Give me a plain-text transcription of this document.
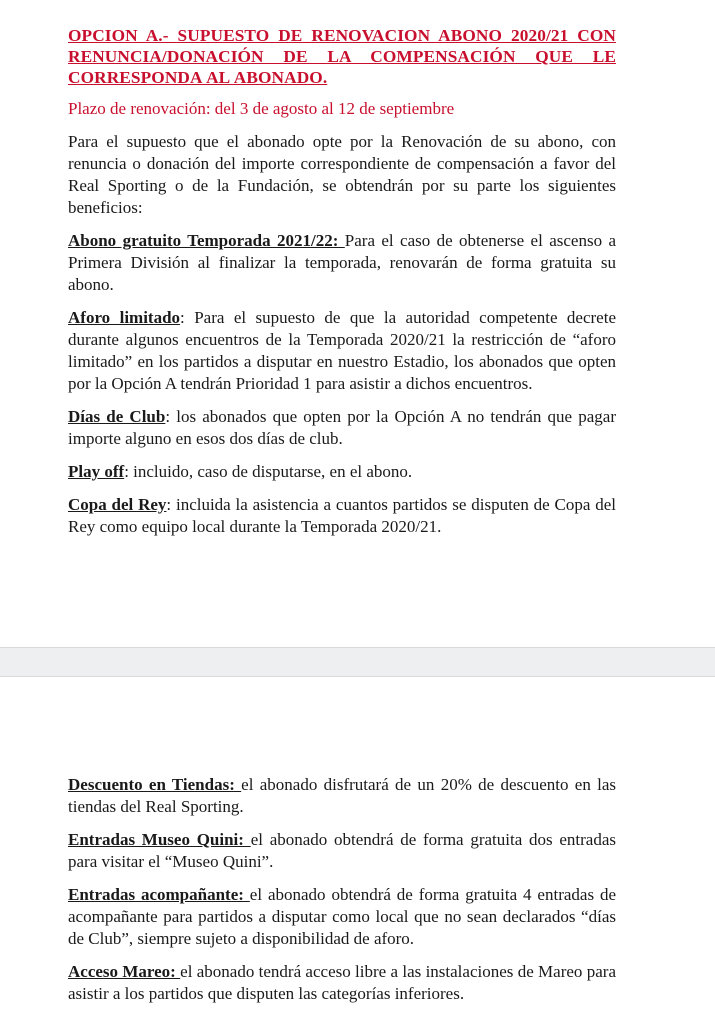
OPCION A.- SUPUESTO DE RENOVACION ABONO 2020/21 CON RENUNCIA/DONACIÓN DE LA COMPENSACIÓN QUE LE CORRESPONDA AL ABONADO.

Plazo de renovación: del 3 de agosto al 12 de septiembre

Para el supuesto que el abonado opte por la Renovación de su abono, con renuncia o donación del importe correspondiente de compensación a favor del Real Sporting o de la Fundación, se obtendrán por su parte los siguientes beneficios:

Abono gratuito Temporada 2021/22: Para el caso de obtenerse el ascenso a Primera División al finalizar la temporada, renovarán de forma gratuita su abono.

Aforo limitado: Para el supuesto de que la autoridad competente decrete durante algunos encuentros de la Temporada 2020/21 la restricción de “aforo limitado” en los partidos a disputar en nuestro Estadio, los abonados que opten por la Opción A tendrán Prioridad 1 para asistir a dichos encuentros.

Días de Club: los abonados que opten por la Opción A no tendrán que pagar importe alguno en esos dos días de club.

Play off: incluido, caso de disputarse, en el abono.

Copa del Rey: incluida la asistencia a cuantos partidos se disputen de Copa del Rey como equipo local durante la Temporada 2020/21.

Descuento en Tiendas: el abonado disfrutará de un 20% de descuento en las tiendas del Real Sporting.

Entradas Museo Quini: el abonado obtendrá de forma gratuita dos entradas para visitar el “Museo Quini”.

Entradas acompañante: el abonado obtendrá de forma gratuita 4 entradas de acompañante para partidos a disputar como local que no sean declarados “días de Club”, siempre sujeto a disponibilidad de aforo.

Acceso Mareo: el abonado tendrá acceso libre a las instalaciones de Mareo para asistir a los partidos que disputen las categorías inferiores.
